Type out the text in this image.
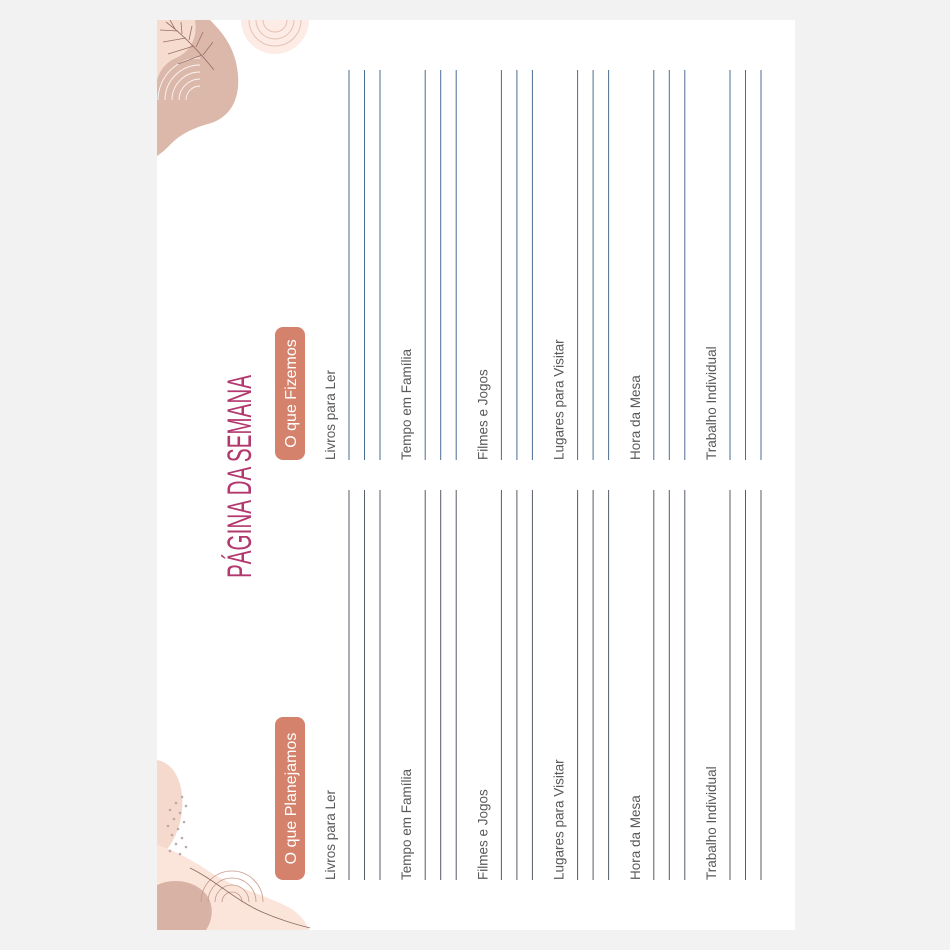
PÁGINA DA SEMANA
O que Planejamos Livros para Ler	Tempo em Família	Filmes e Jogos	Lugares para Visitar	Hora da Mesa	Trabalho Individual
O que Fizemos Livros para Ler	Tempo em Família	Filmes e Jogos	Lugares para Visitar	Hora da Mesa	Trabalho Individual
